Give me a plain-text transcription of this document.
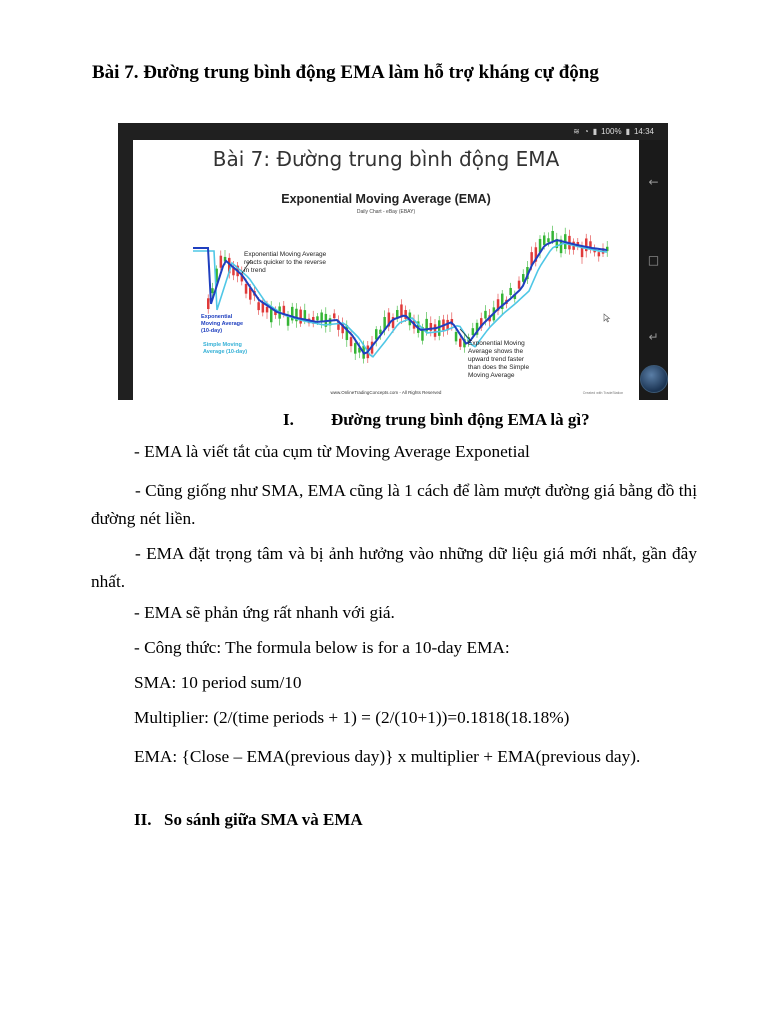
Bài 7. Đường trung bình động EMA làm hỗ trợ kháng cự động
≋ ◔ ▮ 100% ▮ 14:34
Bài 7: Đường trung bình động EMA
Exponential Moving Average (EMA)
Daily Chart - eBay (EBAY)
Exponential Moving Average
reacts quicker to the reverse
in trend
Exponential
Moving Average
(10-day)
Simple Moving
Average (10-day)
Exponential Moving
Average shows the
upward trend faster
than does the Simple
Moving Average
www.OnlineTradingConcepts.com - All Rights Reserved	Created with TradeStation
←
□
↵
I. Đường trung bình động EMA là gì?
- EMA là viết tắt của cụm từ Moving Average Exponetial
- Cũng giống như SMA, EMA cũng là 1 cách để làm mượt đường giá bằng đồ thị đường nét liền.
- EMA đặt trọng tâm và bị ảnh hưởng vào những dữ liệu giá mới nhất, gần đây nhất.
- EMA sẽ phản ứng rất nhanh với giá.
- Công thức: The formula below is for a 10-day EMA:
SMA: 10 period sum/10
Multiplier: (2/(time periods + 1) = (2/(10+1))=0.1818(18.18%)
EMA: {Close – EMA(previous day)} x multiplier + EMA(previous day).
II. So sánh giữa SMA và EMA
